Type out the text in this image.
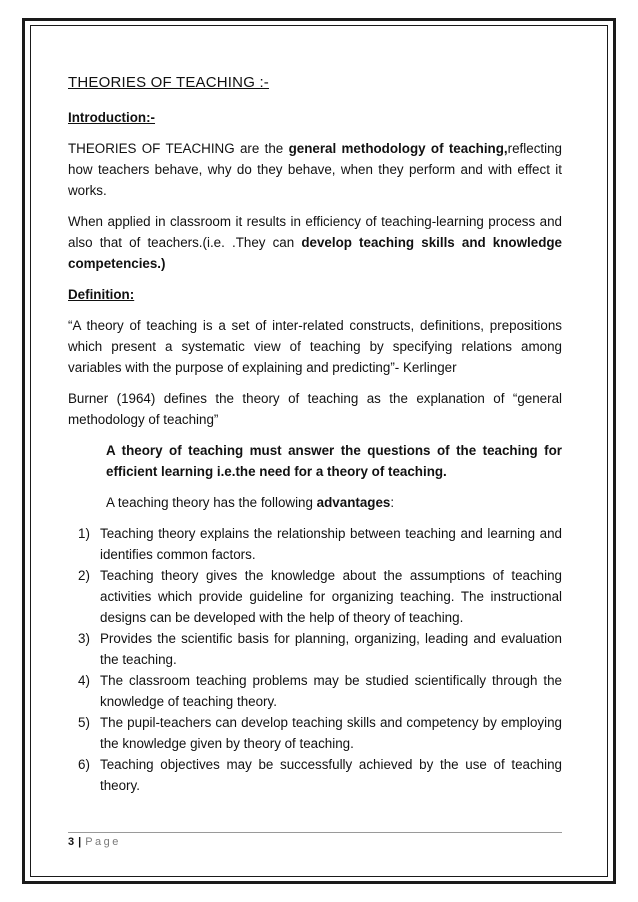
THEORIES OF TEACHING :-
Introduction:-

THEORIES OF TEACHING are the general methodology of teaching,reflecting how teachers behave, why do they behave, when they perform and with effect it works.

When applied in classroom it results in efficiency of teaching-learning process and also that of teachers.(i.e. .They can develop teaching skills and knowledge competencies.)

Definition:

“A theory of teaching is a set of inter-related constructs, definitions, prepositions which present a systematic view of teaching by specifying relations among variables with the purpose of explaining and predicting”- Kerlinger

Burner (1964) defines the theory of teaching as the explanation of “general methodology of teaching”

A theory of teaching must answer the questions of the teaching for efficient learning i.e.the need for a theory of teaching.

A teaching theory has the following advantages:

1) Teaching theory explains the relationship between teaching and learning and identifies common factors.
2) Teaching theory gives the knowledge about the assumptions of teaching activities which provide guideline for organizing teaching. The instructional designs can be developed with the help of theory of teaching.
3) Provides the scientific basis for planning, organizing, leading and evaluation the teaching.
4) The classroom teaching problems may be studied scientifically through the knowledge of teaching theory.
5) The pupil-teachers can develop teaching skills and competency by employing the knowledge given by theory of teaching.
6) Teaching objectives may be successfully achieved by the use of teaching theory.
3 | Page
